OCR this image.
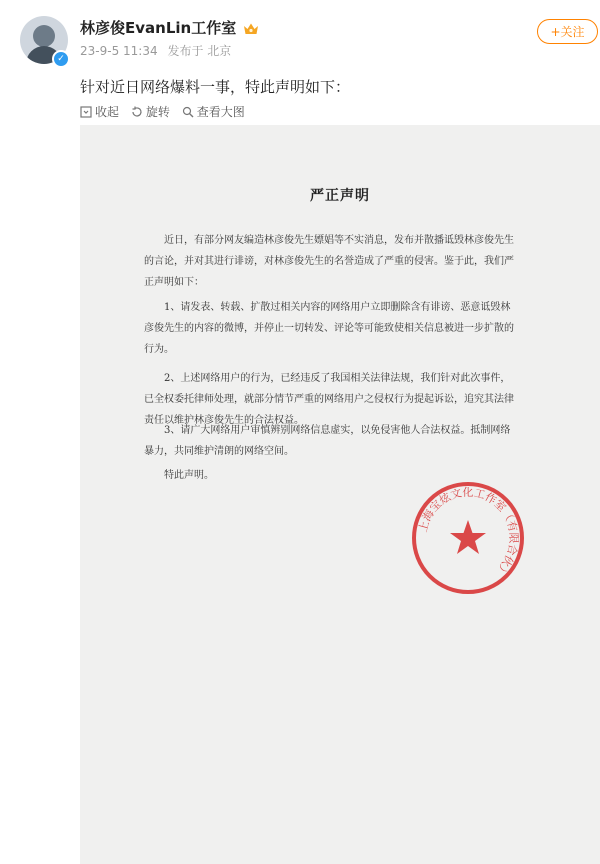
✓
林彦俊EvanLin工作室
23-9-5 11:34 发布于 北京
+关注
针对近日网络爆料一事，特此声明如下：
收起
旋转
查看大图
严正声明
近日，有部分网友编造林彦俊先生嫖娼等不实消息，发布并散播诋毁林彦俊先生的言论，并对其进行诽谤，对林彦俊先生的名誉造成了严重的侵害。鉴于此，我们严正声明如下：
1、请发表、转载、扩散过相关内容的网络用户立即删除含有诽谤、恶意诋毁林彦俊先生的内容的微博，并停止一切转发、评论等可能致使相关信息被进一步扩散的行为。
2、上述网络用户的行为，已经违反了我国相关法律法规，我们针对此次事件，已全权委托律师处理，就部分情节严重的网络用户之侵权行为提起诉讼，追究其法律责任以维护林彦俊先生的合法权益。
3、请广大网络用户审慎辨别网络信息虚实，以免侵害他人合法权益。抵制网络暴力，共同维护清朗的网络空间。
特此声明。
上海宝炫文化工作室（有限合伙）
